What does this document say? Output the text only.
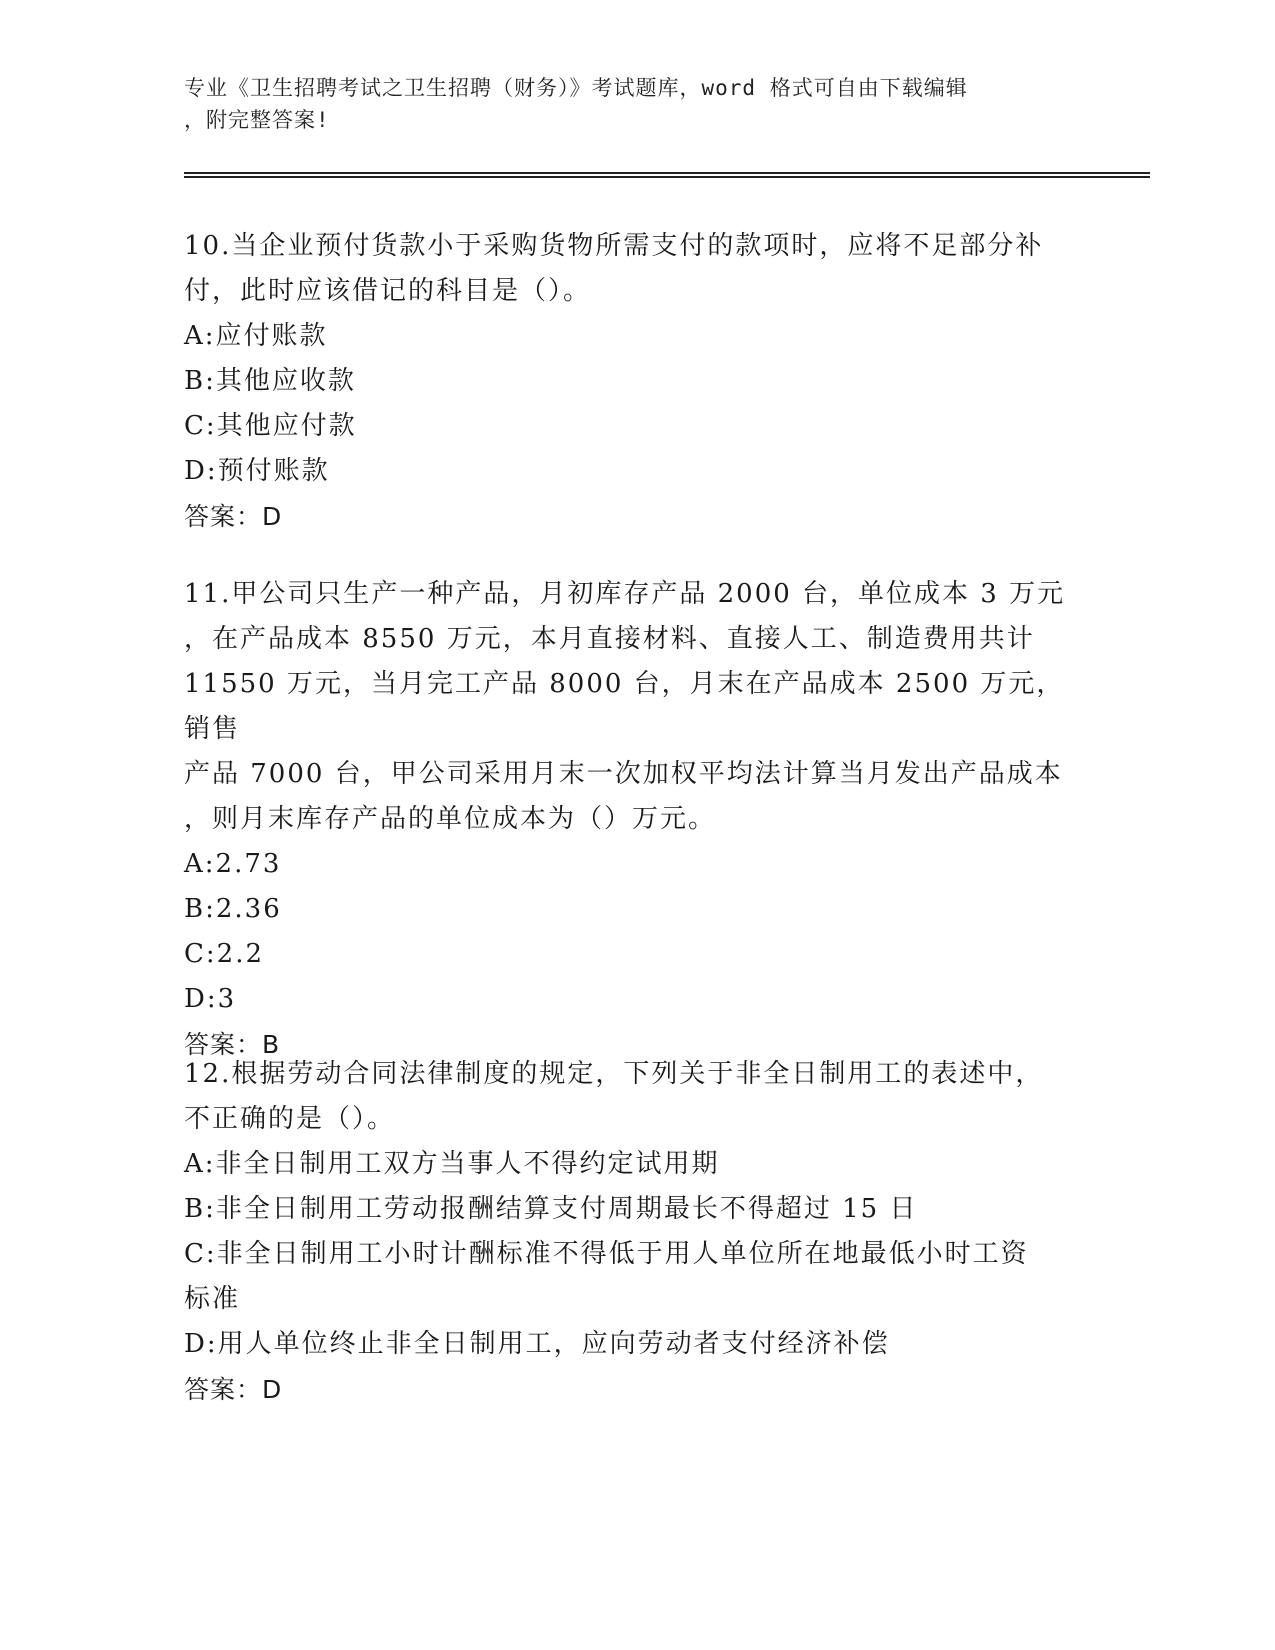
专业《卫生招聘考试之卫生招聘（财务）》考试题库，word 格式可自由下载编辑
，附完整答案!

10.当企业预付货款小于采购货物所需支付的款项时，应将不足部分补

付，此时应该借记的科目是（）。

A: 应付账款

B: 其他应收款

C: 其他应付款

D: 预付账款

答案：D

11.甲公司只生产一种产品，月初库存产品 2000 台，单位成本 3 万元

，在产品成本 8550 万元，本月直接材料、直接人工、制造费用共计

11550 万元，当月完工产品 8000 台，月末在产品成本 2500 万元，销售

产品 7000 台，甲公司采用月末一次加权平均法计算当月发出产品成本

，则月末库存产品的单位成本为（）万元。

A: 2.73

B: 2.36

C: 2.2

D: 3

答案：B

12.根据劳动合同法律制度的规定，下列关于非全日制用工的表述中，

不正确的是（）。

A: 非全日制用工双方当事人不得约定试用期

B: 非全日制用工劳动报酬结算支付周期最长不得超过 15 日

C: 非全日制用工小时计酬标准不得低于用人单位所在地最低小时工资

标准

D: 用人单位终止非全日制用工，应向劳动者支付经济补偿

答案：D
